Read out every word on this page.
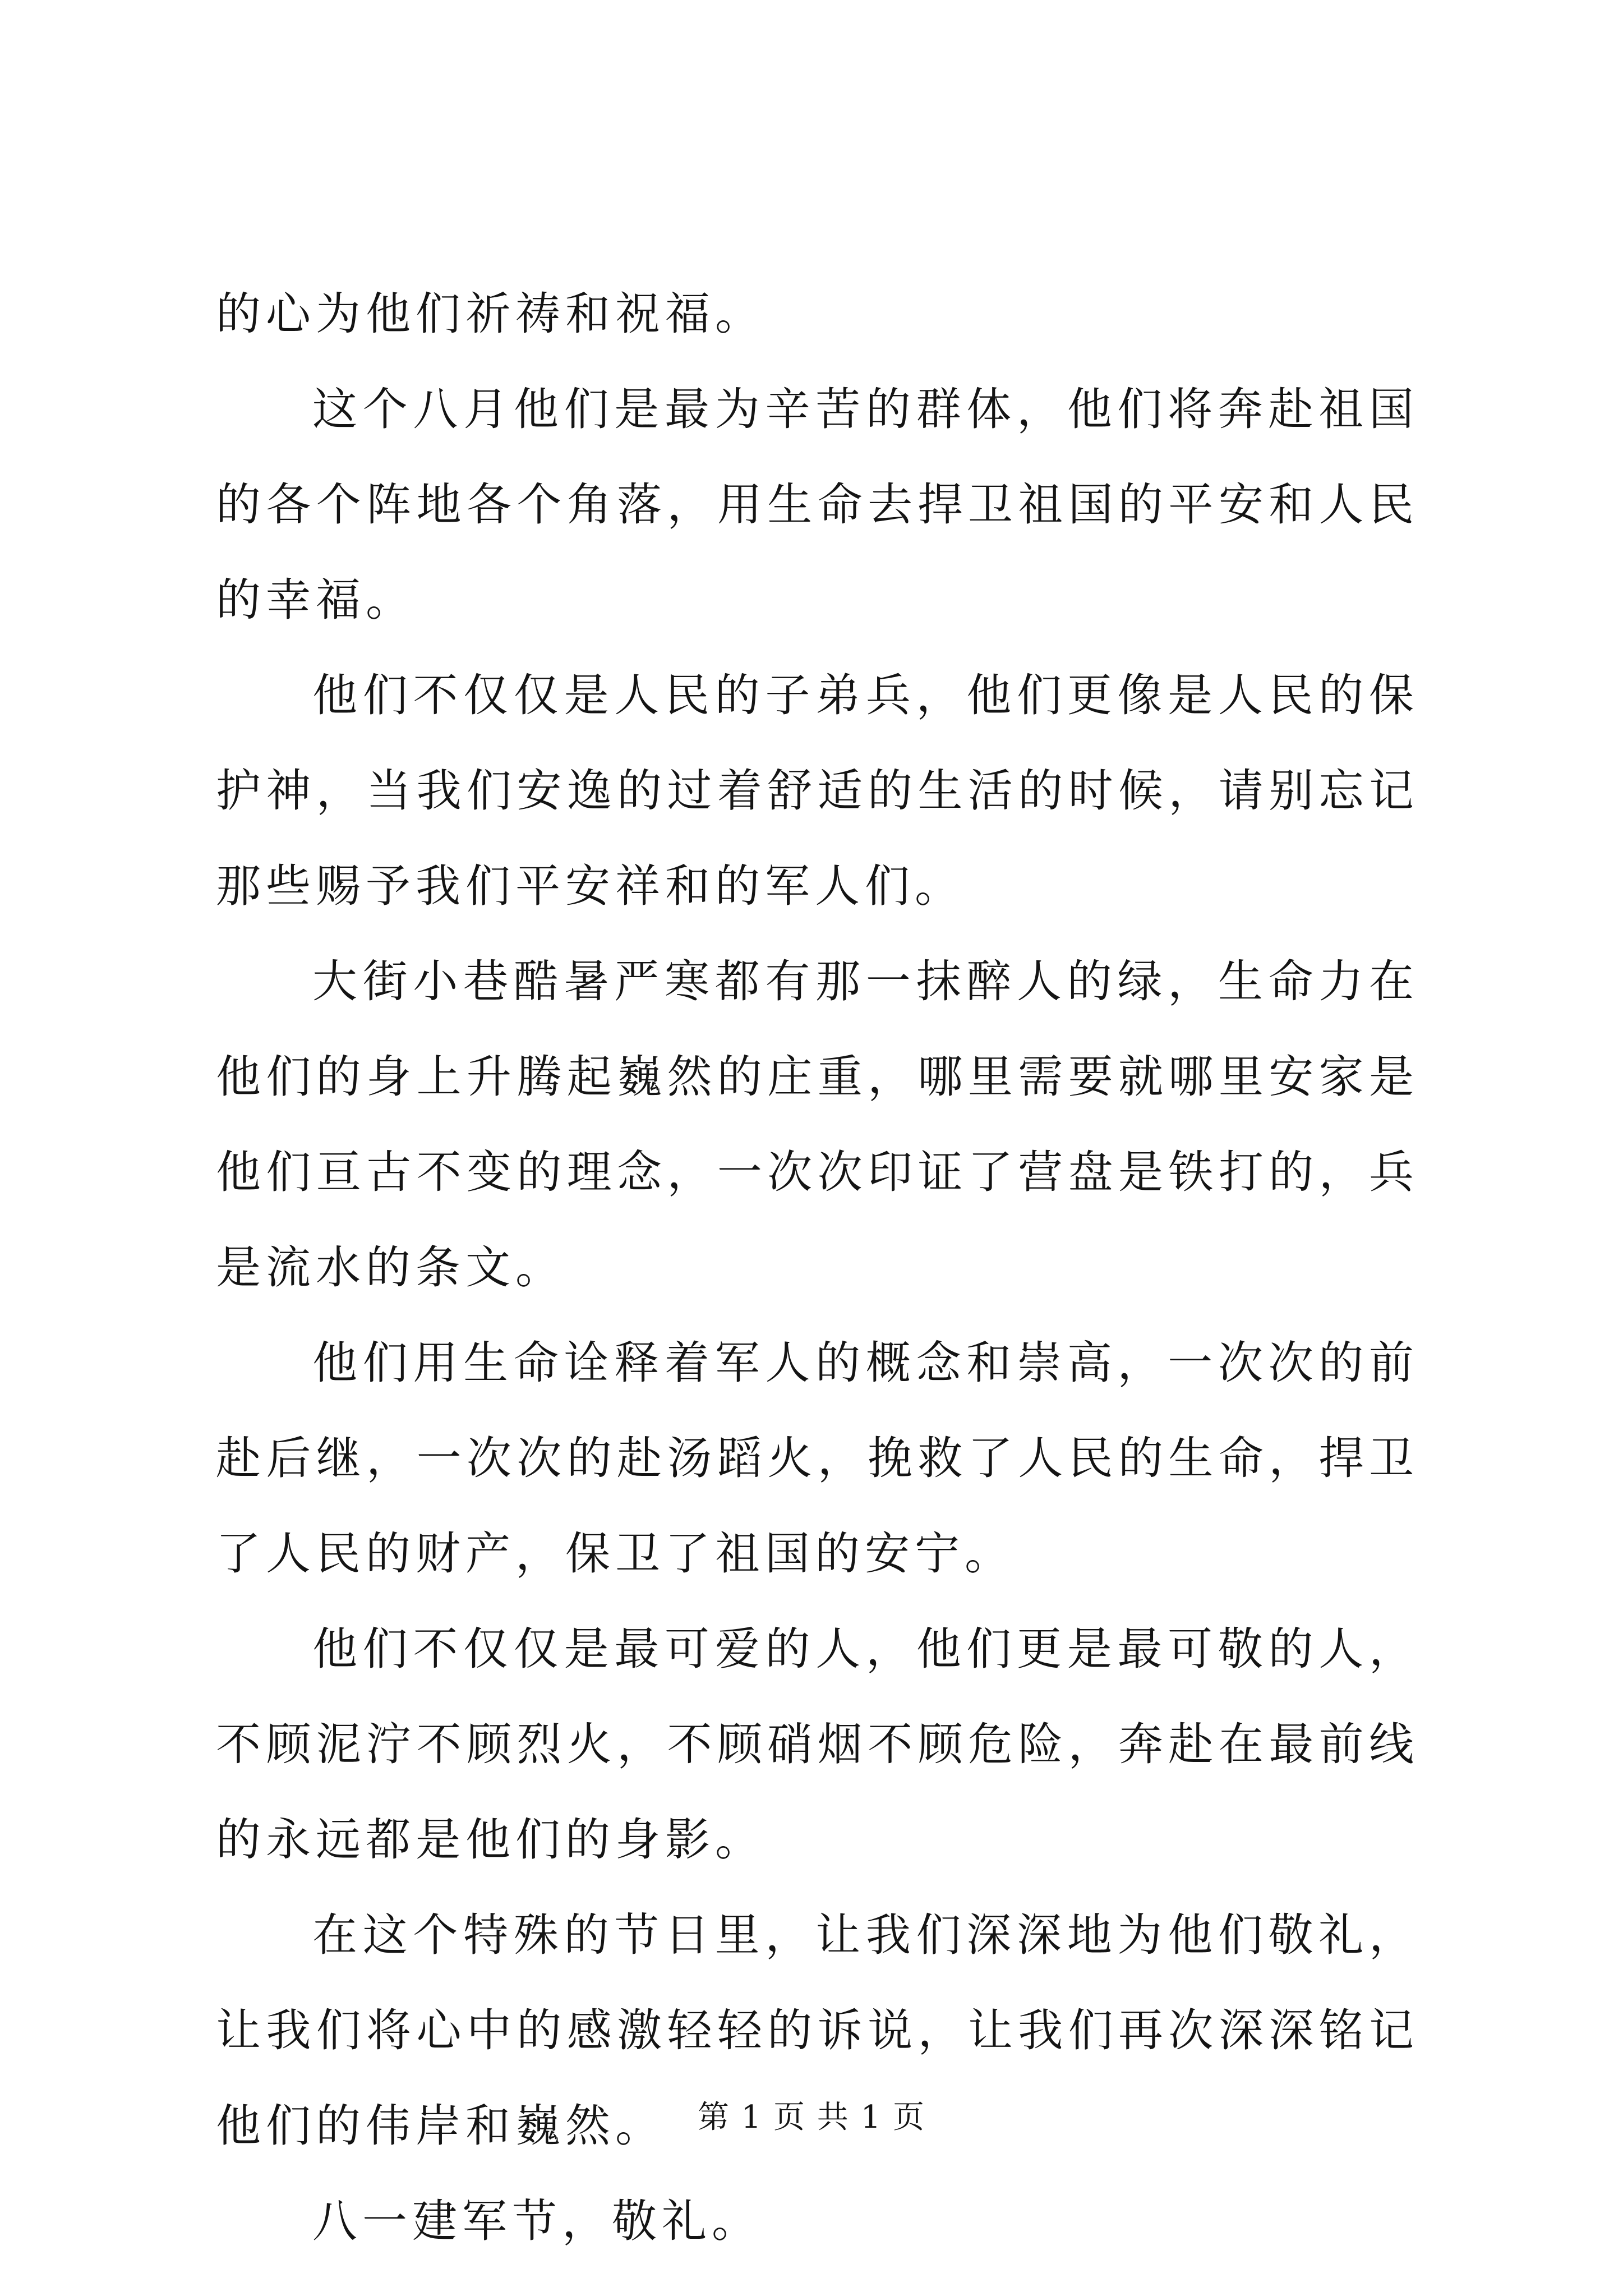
的心为他们祈祷和祝福。

这个八月他们是最为辛苦的群体，他们将奔赴祖国的各个阵地各个角落，用生命去捍卫祖国的平安和人民的幸福。

他们不仅仅是人民的子弟兵，他们更像是人民的保护神，当我们安逸的过着舒适的生活的时候，请别忘记那些赐予我们平安祥和的军人们。

大街小巷酷暑严寒都有那一抹醉人的绿，生命力在他们的身上升腾起巍然的庄重，哪里需要就哪里安家是他们亘古不变的理念，一次次印证了营盘是铁打的，兵是流水的条文。

他们用生命诠释着军人的概念和崇高，一次次的前赴后继，一次次的赴汤蹈火，挽救了人民的生命，捍卫了人民的财产，保卫了祖国的安宁。

他们不仅仅是最可爱的人，他们更是最可敬的人，不顾泥泞不顾烈火，不顾硝烟不顾危险，奔赴在最前线的永远都是他们的身影。

在这个特殊的节日里，让我们深深地为他们敬礼，让我们将心中的感激轻轻的诉说，让我们再次深深铭记他们的伟岸和巍然。

八一建军节，敬礼。

第 1 页 共 1 页
